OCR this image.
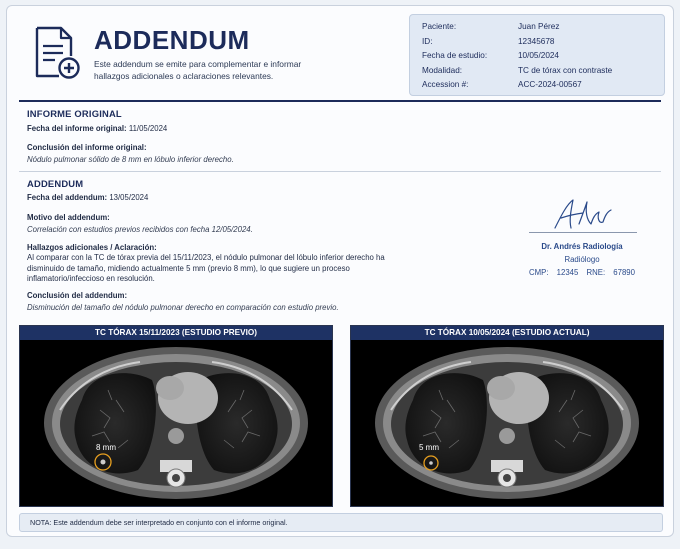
ADDENDUM
Este addendum se emite para complementar e informar hallazgos adicionales o aclaraciones relevantes.
Paciente:	Juan Pérez
ID:	12345678
Fecha de estudio:	10/05/2024
Modalidad:	TC de tórax con contraste
Accession #:	ACC-2024-00567
INFORME ORIGINAL
Fecha del informe original: 11/05/2024
Conclusión del informe original:
Nódulo pulmonar sólido de 8 mm en lóbulo inferior derecho.
ADDENDUM
Fecha del addendum: 13/05/2024
Motivo del addendum:
Correlación con estudios previos recibidos con fecha 12/05/2024.
Hallazgos adicionales / Aclaración:
Al comparar con la TC de tórax previa del 15/11/2023, el nódulo pulmonar del lóbulo inferior derecho ha disminuido de tamaño, midiendo actualmente 5 mm (previo 8 mm), lo que sugiere un proceso inflamatorio/infeccioso en resolución.
Conclusión del addendum:
Disminución del tamaño del nódulo pulmonar derecho en comparación con estudio previo.
Dr. Andrés Radiología
Radiólogo
CMP: 12345 RNE: 67890
TC TÓRAX 15/11/2023 (ESTUDIO PREVIO)
8 mm
TC TÓRAX 10/05/2024 (ESTUDIO ACTUAL)
5 mm
NOTA: Este addendum debe ser interpretado en conjunto con el informe original.
